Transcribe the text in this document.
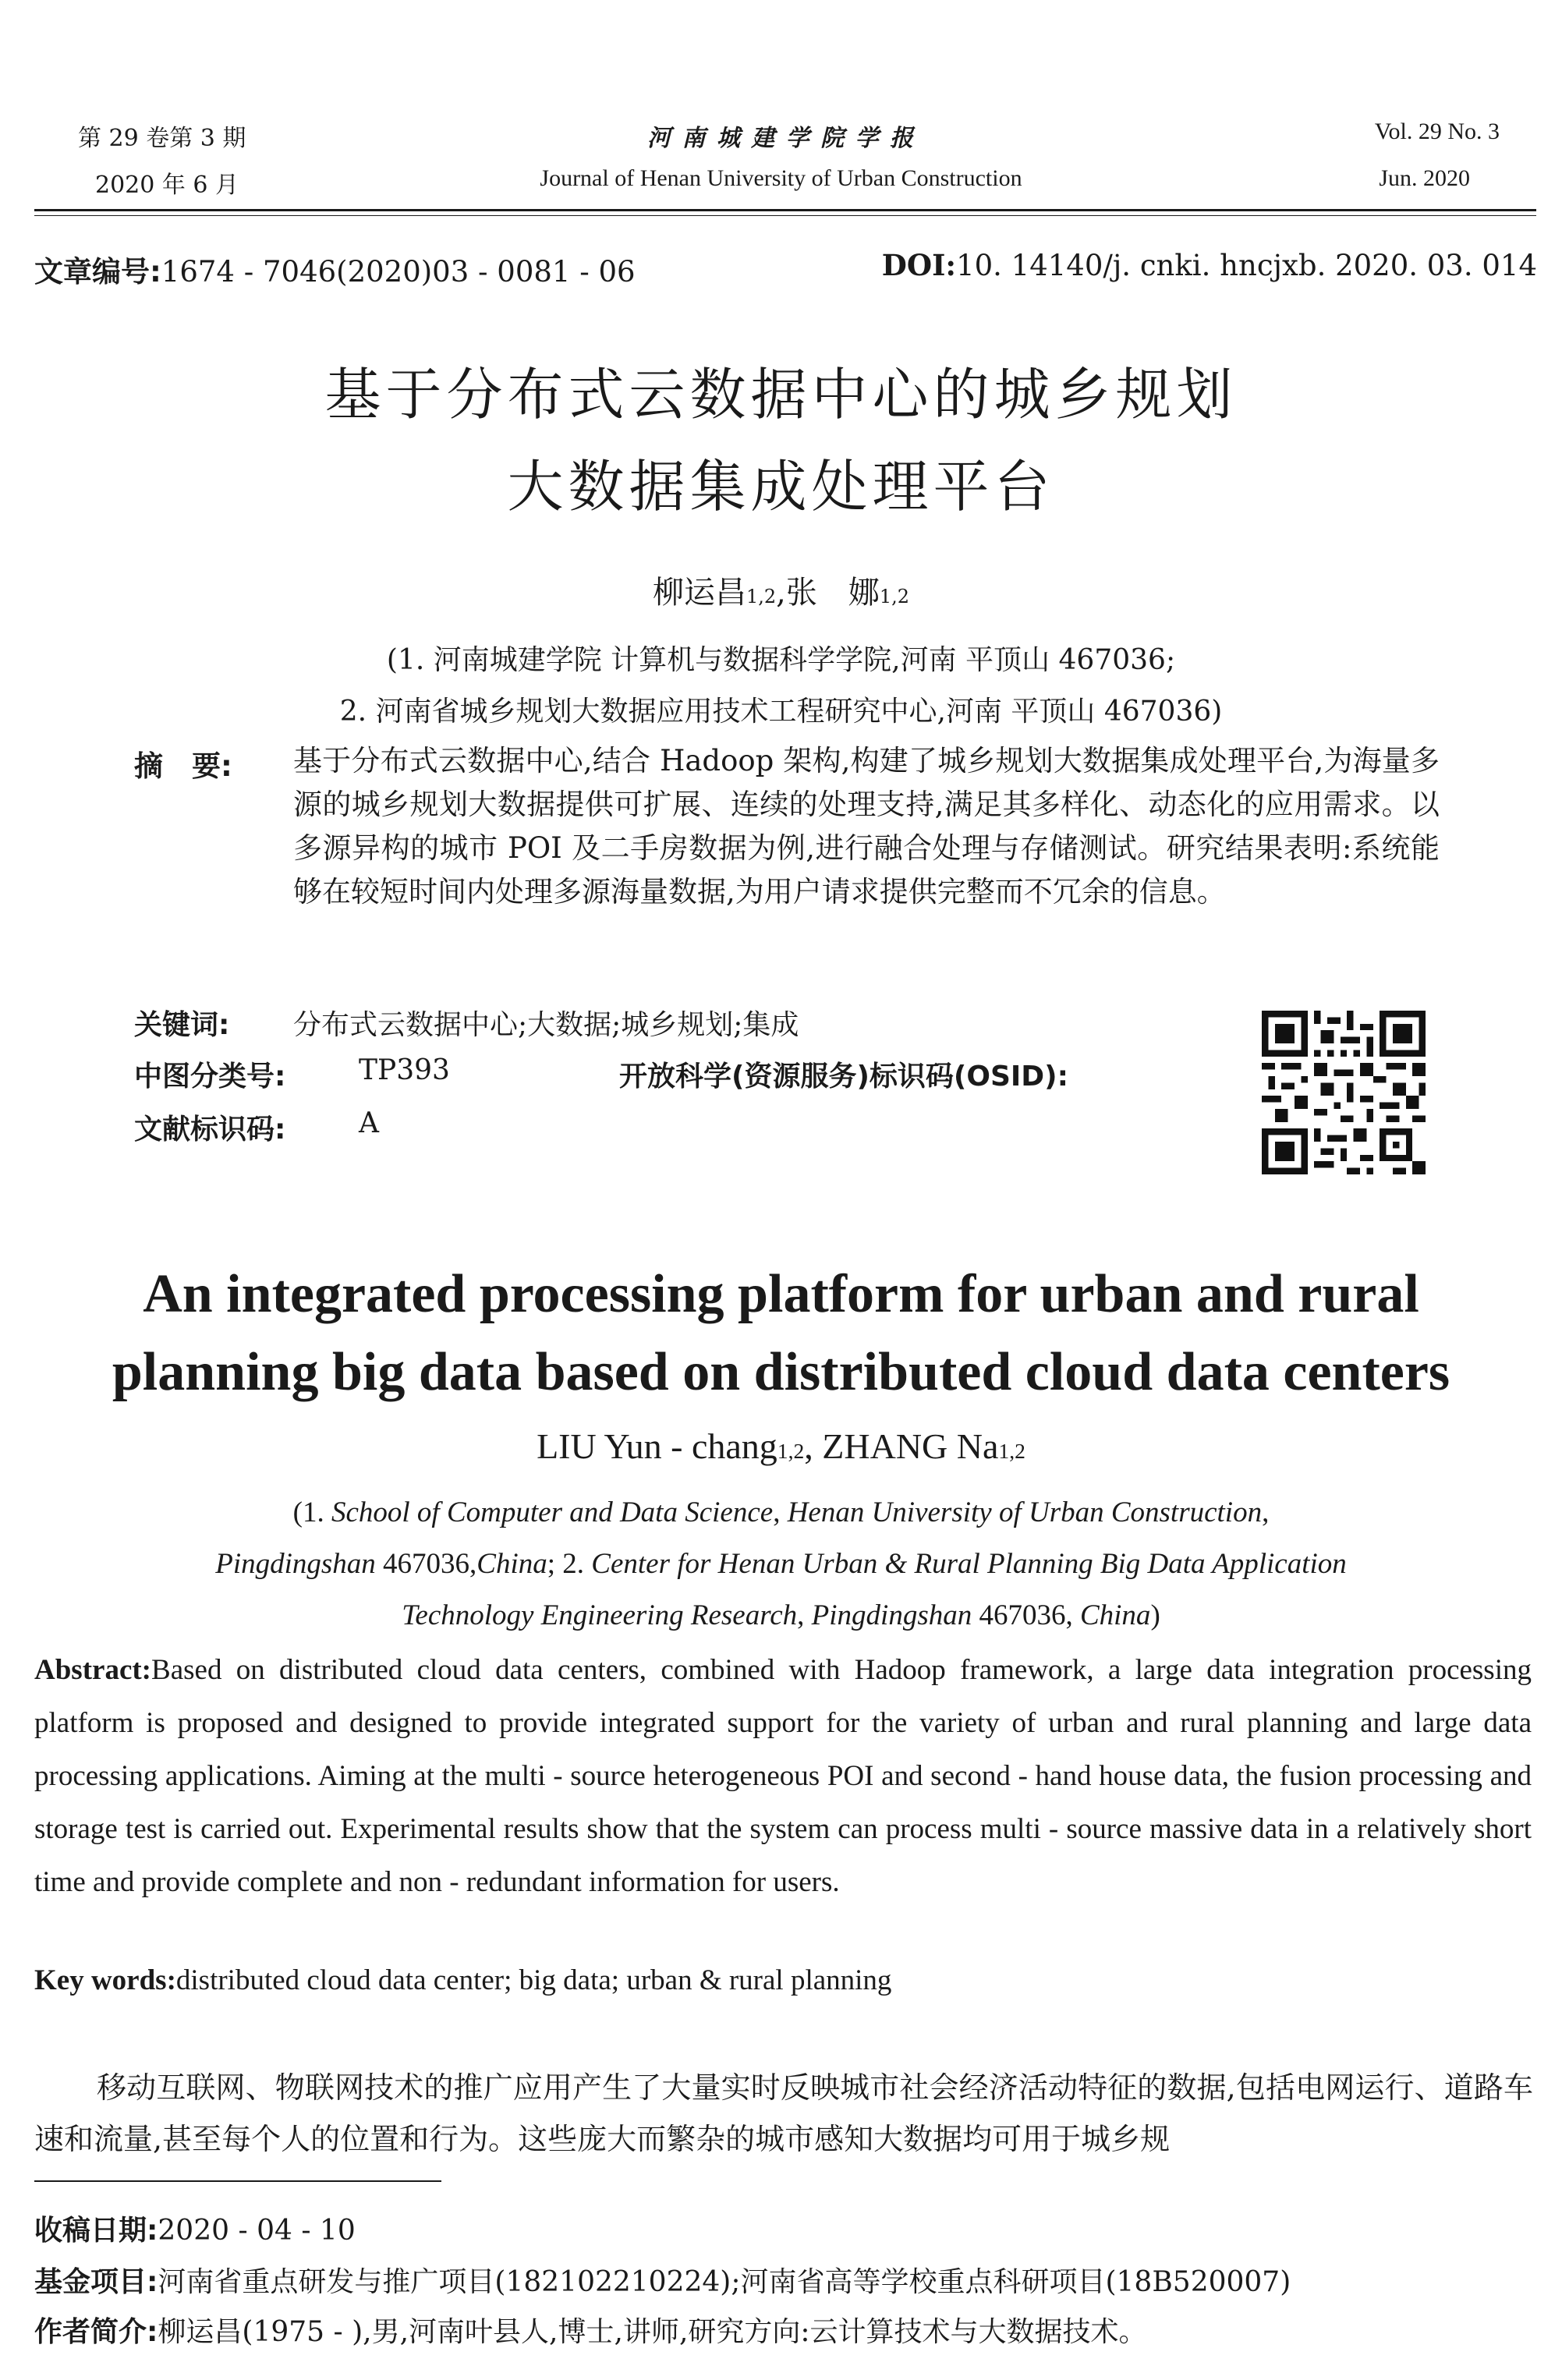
第 29 卷第 3 期
2020 年 6 月
河 南 城 建 学 院 学 报
Journal of Henan University of Urban Construction
Vol. 29 No. 3
Jun. 2020
文章编号:1674 - 7046(2020)03 - 0081 - 06	DOI:10. 14140/j. cnki. hncjxb. 2020. 03. 014
基于分布式云数据中心的城乡规划
大数据集成处理平台
柳运昌$^{1,2}$,张　娜$^{1,2}$
(1. 河南城建学院 计算机与数据科学学院,河南 平顶山 467036;
2. 河南省城乡规划大数据应用技术工程研究中心,河南 平顶山 467036)
摘　要: 基于分布式云数据中心,结合 Hadoop 架构,构建了城乡规划大数据集成处理平台,为海量多源的城乡规划大数据提供可扩展、连续的处理支持,满足其多样化、动态化的应用需求。以多源异构的城市 POI 及二手房数据为例,进行融合处理与存储测试。研究结果表明:系统能够在较短时间内处理多源海量数据,为用户请求提供完整而不冗余的信息。
关键词: 分布式云数据中心;大数据;城乡规划;集成
中图分类号:	TP393	开放科学(资源服务)标识码(OSID):
文献标识码:	A
An integrated processing platform for urban and rural
planning big data based on distributed cloud data centers
LIU Yun - chang$^{1,2}$, ZHANG Na$^{1,2}$
(1. School of Computer and Data Science, Henan University of Urban Construction,
Pingdingshan 467036,China; 2. Center for Henan Urban & Rural Planning Big Data Application
Technology Engineering Research, Pingdingshan 467036, China)
Abstract:Based on distributed cloud data centers, combined with Hadoop framework, a large data integration processing platform is proposed and designed to provide integrated support for the variety of urban and rural planning and large data processing applications. Aiming at the multi - source heterogeneous POI and second - hand house data, the fusion processing and storage test is carried out. Experimental results show that the system can process multi - source massive data in a relatively short time and provide complete and non - redundant information for users.
Key words:distributed cloud data center; big data; urban & rural planning
移动互联网、物联网技术的推广应用产生了大量实时反映城市社会经济活动特征的数据,包括电网运行、道路车速和流量,甚至每个人的位置和行为。这些庞大而繁杂的城市感知大数据均可用于城乡规
收稿日期:2020 - 04 - 10
基金项目:河南省重点研发与推广项目(182102210224);河南省高等学校重点科研项目(18B520007)
作者简介:柳运昌(1975 - ),男,河南叶县人,博士,讲师,研究方向:云计算技术与大数据技术。
